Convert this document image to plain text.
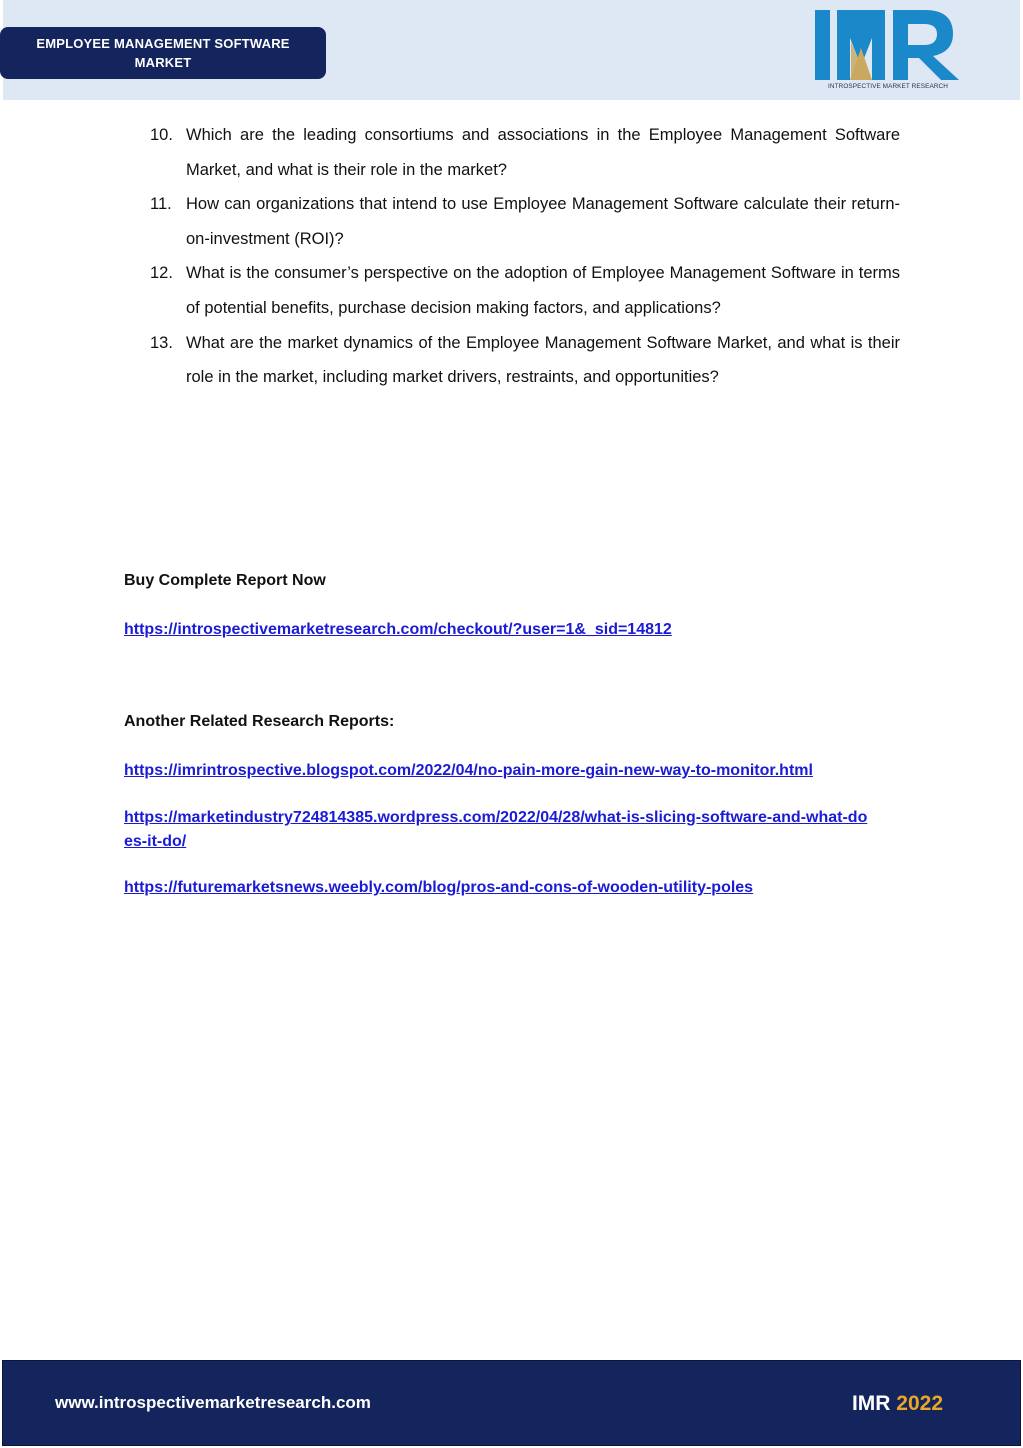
EMPLOYEE MANAGEMENT SOFTWARE MARKET
INTROSPECTIVE MARKET RESEARCH
10. Which are the leading consortiums and associations in the Employee Management Software Market, and what is their role in the market?
11. How can organizations that intend to use Employee Management Software calculate their return-on-investment (ROI)?
12. What is the consumer’s perspective on the adoption of Employee Management Software in terms of potential benefits, purchase decision making factors, and applications?
13. What are the market dynamics of the Employee Management Software Market, and what is their role in the market, including market drivers, restraints, and opportunities?
Buy Complete Report Now
https://introspectivemarketresearch.com/checkout/?user=1&_sid=14812
Another Related Research Reports:
https://imrintrospective.blogspot.com/2022/04/no-pain-more-gain-new-way-to-monitor.html
https://marketindustry724814385.wordpress.com/2022/04/28/what-is-slicing-software-and-what-does-it-do/
https://futuremarketsnews.weebly.com/blog/pros-and-cons-of-wooden-utility-poles
www.introspectivemarketresearch.com	IMR 2022
